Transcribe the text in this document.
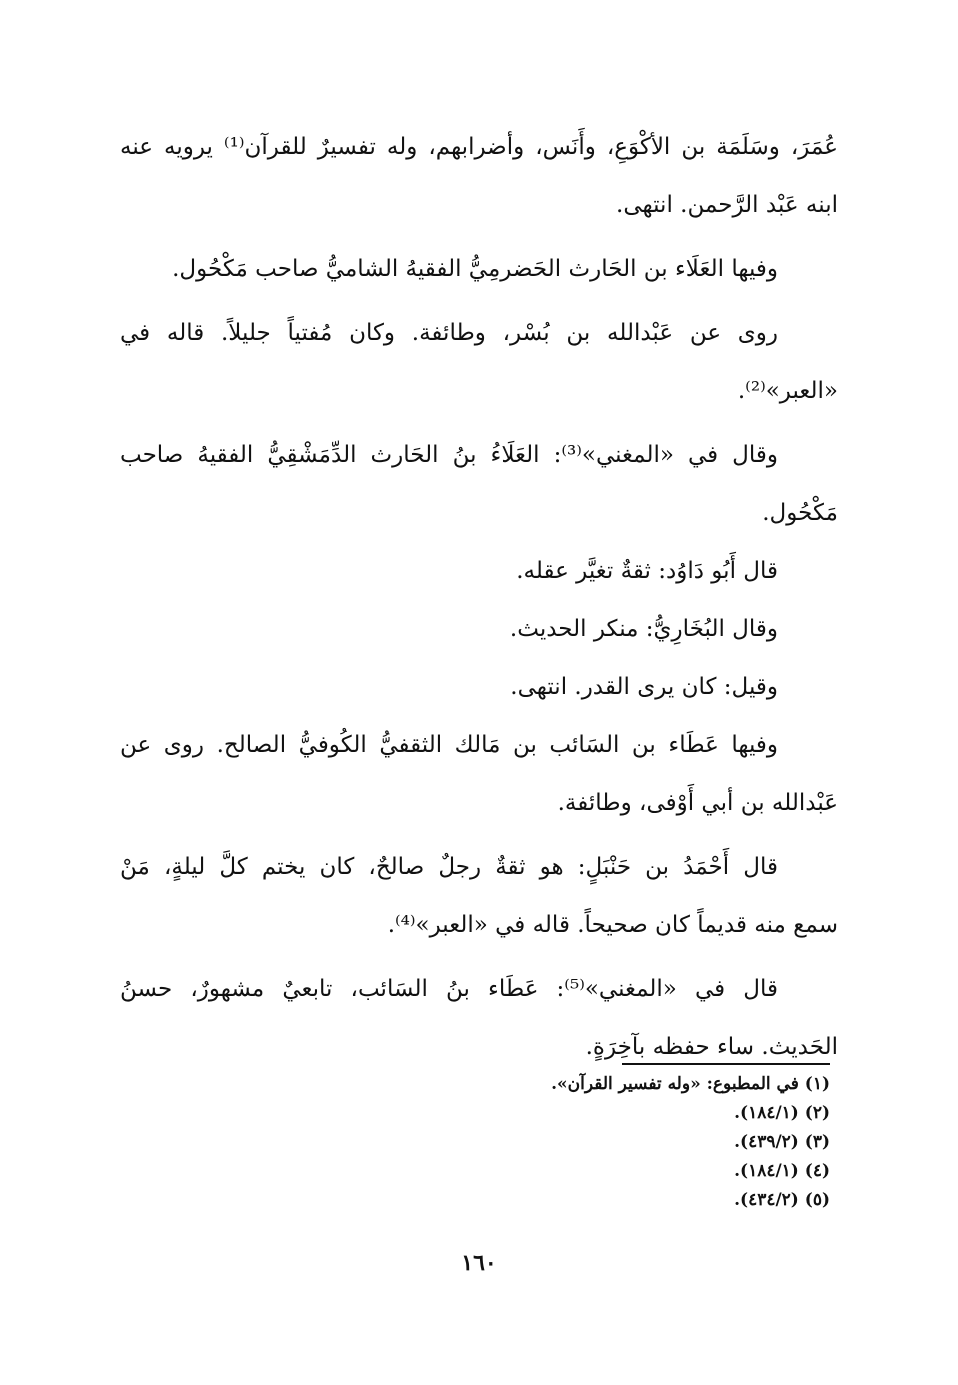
عُمَرَ، وسَلَمَة بن الأكْوَعِ، وأَنَس، وأضرابهم، وله تفسيرٌ للقرآن⁽¹⁾ يرويه عنه
ابنه عَبْد الرَّحمن. انتهى.
وفيها العَلَاء بن الحَارث الحَضرمِيُّ الفقيهُ الشاميُّ صاحب مَكْحُول.
روى عن عَبْدالله بن بُسْر، وطائفة. وكان مُفتياً جليلاً. قاله في
«العبر»⁽²⁾.
وقال في «المغني»⁽³⁾: العَلَاءُ بنُ الحَارث الدِّمَشْقِيُّ الفقيهُ صاحب
مَكْحُول.
قال أَبُو دَاوُد: ثقةٌ تغيَّر عقله.
وقال البُخَارِيُّ: منكر الحديث.
وقيل: كان يرى القدر. انتهى.
وفيها عَطَاء بن السَائب بن مَالك الثقفيُّ الكُوفيُّ الصالح. روى عن
عَبْدالله بن أبي أَوْفى، وطائفة.
قال أَحْمَدُ بن حَنْبَلٍ: هو ثقةٌ رجلٌ صالحٌ، كان يختم كلَّ ليلةٍ، مَنْ
سمع منه قديماً كان صحيحاً. قاله في «العبر»⁽⁴⁾.
قال في «المغني»⁽⁵⁾: عَطَاء بنُ السَائب، تابعيٌ مشهورٌ، حسنُ
الحَديث. ساء حفظه بآخِرَةٍ.
(١) في المطبوع: «وله تفسير القرآن».
(٢) (١٨٤/١).
(٣) (٤٣٩/٢).
(٤) (١٨٤/١).
(٥) (٤٣٤/٢).
١٦٠
